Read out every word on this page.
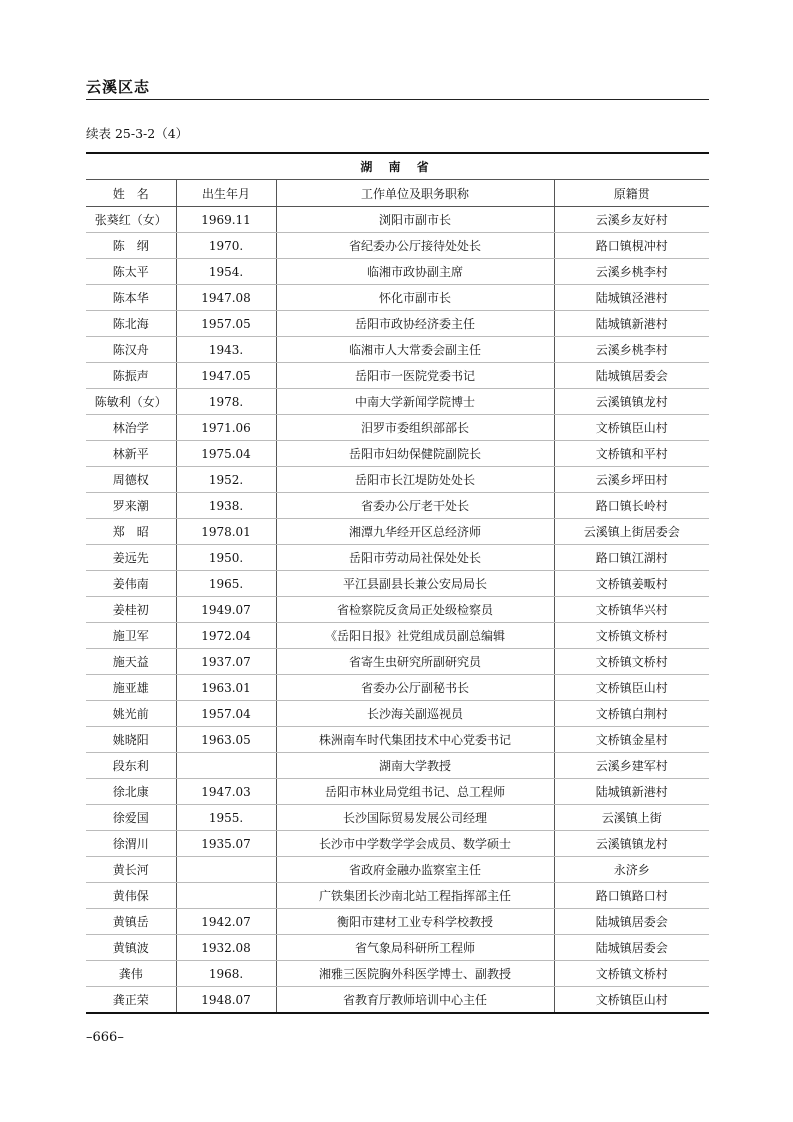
云溪区志
续表 25-3-2（4）
湖 南 省			
姓　名	出生年月	工作单位及职务职称	原籍贯
张葵红（女）	1969.11	浏阳市副市长	云溪乡友好村
陈　纲	1970.	省纪委办公厅接待处处长	路口镇梘冲村
陈太平	1954.	临湘市政协副主席	云溪乡桃李村
陈本华	1947.08	怀化市副市长	陆城镇泾港村
陈北海	1957.05	岳阳市政协经济委主任	陆城镇新港村
陈汉舟	1943.	临湘市人大常委会副主任	云溪乡桃李村
陈振声	1947.05	岳阳市一医院党委书记	陆城镇居委会
陈敏利（女）	1978.	中南大学新闻学院博士	云溪镇镇龙村
林治学	1971.06	汨罗市委组织部部长	文桥镇臣山村
林新平	1975.04	岳阳市妇幼保健院副院长	文桥镇和平村
周德权	1952.	岳阳市长江堤防处处长	云溪乡坪田村
罗来潮	1938.	省委办公厅老干处长	路口镇长岭村
郑　昭	1978.01	湘潭九华经开区总经济师	云溪镇上街居委会
姜远先	1950.	岳阳市劳动局社保处处长	路口镇江湖村
姜伟南	1965.	平江县副县长兼公安局局长	文桥镇姜畈村
姜桂初	1949.07	省检察院反贪局正处级检察员	文桥镇华兴村
施卫军	1972.04	《岳阳日报》社党组成员副总编辑	文桥镇文桥村
施天益	1937.07	省寄生虫研究所副研究员	文桥镇文桥村
施亚雄	1963.01	省委办公厅副秘书长	文桥镇臣山村
姚光前	1957.04	长沙海关副巡视员	文桥镇白荆村
姚晓阳	1963.05	株洲南车时代集团技术中心党委书记	文桥镇金星村
段东利		湖南大学教授	云溪乡建军村
徐北康	1947.03	岳阳市林业局党组书记、总工程师	陆城镇新港村
徐爱国	1955.	长沙国际贸易发展公司经理	云溪镇上街
徐渭川	1935.07	长沙市中学数学学会成员、数学硕士	云溪镇镇龙村
黄长河		省政府金融办监察室主任	永济乡
黄伟保		广铁集团长沙南北站工程指挥部主任	路口镇路口村
黄镇岳	1942.07	衡阳市建材工业专科学校教授	陆城镇居委会
黄镇波	1932.08	省气象局科研所工程师	陆城镇居委会
龚伟	1968.	湘雅三医院胸外科医学博士、副教授	文桥镇文桥村
龚正荣	1948.07	省教育厅教师培训中心主任	文桥镇臣山村
–666–
